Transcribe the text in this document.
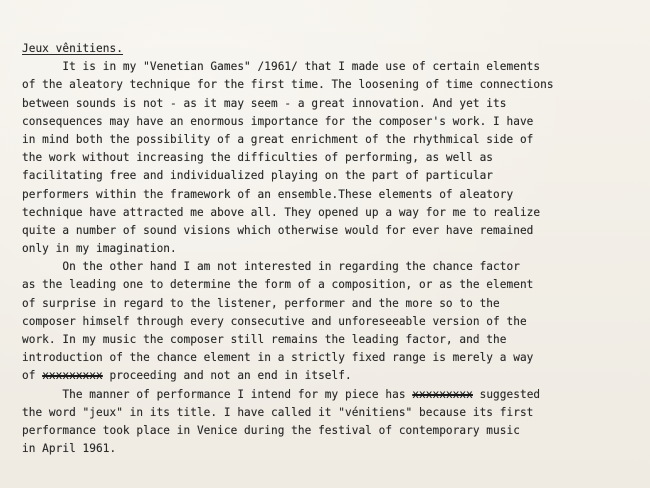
Jeux vênitiens.
It is in my "Venetian Games" /1961/ that I made use of certain elements
of the aleatory technique for the first time. The loosening of time connections
between sounds is not - as it may seem - a great innovation. And yet its
consequences may have an enormous importance for the composer's work. I have
in mind both the possibility of a great enrichment of the rhythmical side of
the work without increasing the difficulties of performing, as well as
facilitating free and individualized playing on the part of particular
performers within the framework of an ensemble.These elements of aleatory
technique have attracted me above all. They opened up a way for me to realize
quite a number of sound visions which otherwise would for ever have remained
only in my imagination.
On the other hand I am not interested in regarding the chance factor
as the leading one to determine the form of a composition, or as the element
of surprise in regard to the listener, performer and the more so to the
composer himself through every consecutive and unforeseeable version of the
work. In my music the composer still remains the leading factor, and the
introduction of the chance element in a strictly fixed range is merely a way
of xxxxxxxxx proceeding and not an end in itself.
The manner of performance I intend for my piece has xxxxxxxxx suggested
the word "jeux" in its title. I have called it "vénitiens" because its first
performance took place in Venice during the festival of contemporary music
in April 1961.
